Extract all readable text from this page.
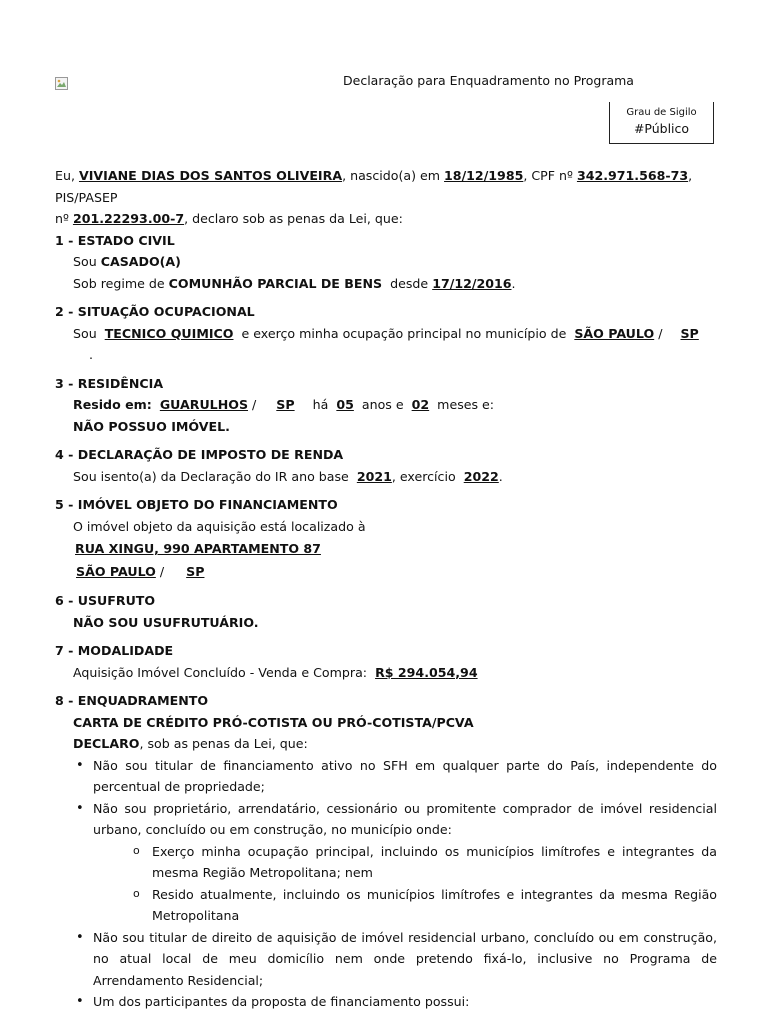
Declaração para Enquadramento no Programa
Grau de Sigilo
#Público

Eu, VIVIANE DIAS DOS SANTOS OLIVEIRA, nascido(a) em 18/12/1985, CPF nº 342.971.568-73, PIS/PASEP
nº 201.22293.00-7, declaro sob as penas da Lei, que:

1 - ESTADO CIVIL

Sou CASADO(A)

Sob regime de COMUNHÃO PARCIAL DE BENS desde 17/12/2016.

2 - SITUAÇÃO OCUPACIONAL

Sou TECNICO QUIMICO e exerço minha ocupação principal no município de SÃO PAULO / SP .

3 - RESIDÊNCIA

Resido em: GUARULHOS / SP há 05 anos e 02 meses e:

NÃO POSSUO IMÓVEL.

4 - DECLARAÇÃO DE IMPOSTO DE RENDA

Sou isento(a) da Declaração do IR ano base 2021, exercício 2022.

5 - IMÓVEL OBJETO DO FINANCIAMENTO

O imóvel objeto da aquisição está localizado à

RUA XINGU, 990 APARTAMENTO 87

SÃO PAULO / SP

6 - USUFRUTO

NÃO SOU USUFRUTUÁRIO.

7 - MODALIDADE

Aquisição Imóvel Concluído - Venda e Compra: R$ 294.054,94

8 - ENQUADRAMENTO

CARTA DE CRÉDITO PRÓ-COTISTA OU PRÓ-COTISTA/PCVA

DECLARO, sob as penas da Lei, que:

• Não sou titular de financiamento ativo no SFH em qualquer parte do País, independente do percentual de propriedade;
• Não sou proprietário, arrendatário, cessionário ou promitente comprador de imóvel residencial urbano, concluído ou em construção, no município onde:
o Exerço minha ocupação principal, incluindo os municípios limítrofes e integrantes da mesma Região Metropolitana; nem
o Resido atualmente, incluindo os municípios limítrofes e integrantes da mesma Região Metropolitana
• Não sou titular de direito de aquisição de imóvel residencial urbano, concluído ou em construção, no atual local de meu domicílio nem onde pretendo fixá-lo, inclusive no Programa de Arrendamento Residencial;
• Um dos participantes da proposta de financiamento possui:
